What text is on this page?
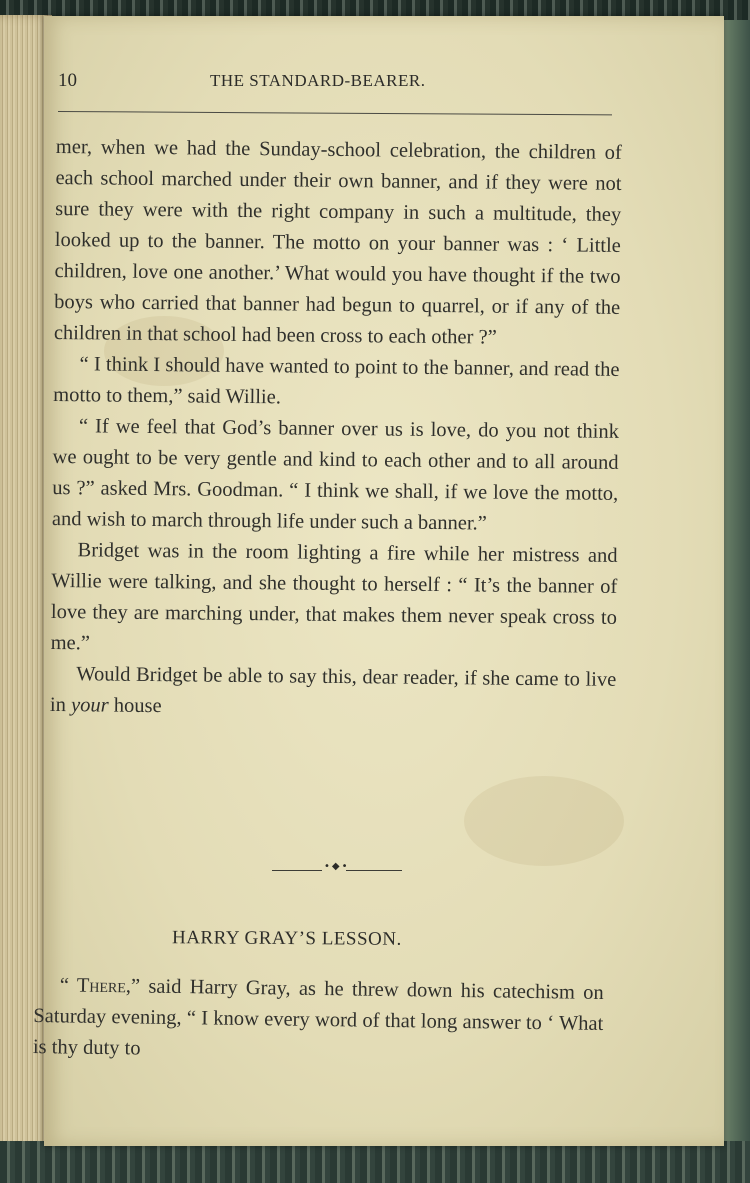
10	THE STANDARD-BEARER.

mer, when we had the Sunday-school celebration, the children of each school marched under their own banner, and if they were not sure they were with the right company in such a multitude, they looked up to the banner. The motto on your banner was : ‘ Little children, love one another.’ What would you have thought if the two boys who carried that banner had begun to quarrel, or if any of the children in that school had been cross to each other ?”

“ I think I should have wanted to point to the banner, and read the motto to them,” said Willie.

“ If we feel that God’s banner over us is love, do you not think we ought to be very gentle and kind to each other and to all around us ?” asked Mrs. Goodman. “ I think we shall, if we love the motto, and wish to march through life under such a banner.”

Bridget was in the room lighting a fire while her mistress and Willie were talking, and she thought to herself : “ It’s the banner of love they are marching under, that makes them never speak cross to me.”

Would Bridget be able to say this, dear reader, if she came to live in your house

•◆•
HARRY GRAY’S LESSON.

“ There,” said Harry Gray, as he threw down his catechism on Saturday evening, “ I know every word of that long answer to ‘ What is thy duty to
